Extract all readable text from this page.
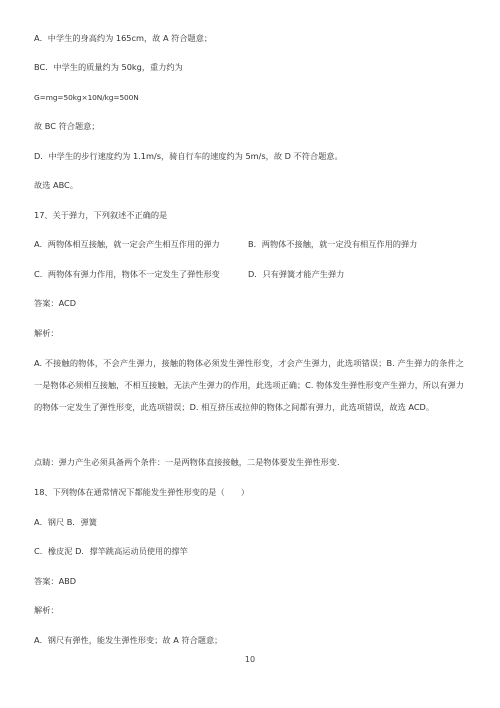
A．中学生的身高约为 165cm，故 A 符合题意；
BC．中学生的质量约为 50kg，重力约为
G=mg=50kg×10N/kg=500N
故 BC 符合题意；
D．中学生的步行速度约为 1.1m/s，骑自行车的速度约为 5m/s，故 D 不符合题意。
故选 ABC。
17、关于弹力，下列叙述不正确的是
A．两物体相互接触，就一定会产生相互作用的弹力	B．两物体不接触，就一定没有相互作用的弹力
C．两物体有弹力作用，物体不一定发生了弹性形变	D．只有弹簧才能产生弹力
答案：ACD
解析：
A. 不接触的物体，不会产生弹力，接触的物体必须发生弹性形变，才会产生弹力，此选项错误；B. 产生弹力的条件之一是物体必须相互接触，不相互接触，无法产生弹力的作用，此选项正确；C. 物体发生弹性形变产生弹力，所以有弹力的物体一定发生了弹性形变，此选项错误；D. 相互挤压或拉伸的物体之间都有弹力，此选项错误，故选 ACD。
点睛：弹力产生必须具备两个条件：一是两物体直接接触，二是物体要发生弹性形变.
18、下列物体在通常情况下都能发生弹性形变的是（　　）
A．钢尺 B．弹簧
C．橡皮泥 D．撑竿跳高运动员使用的撑竿
答案：ABD
解析：
A．钢尺有弹性，能发生弹性形变；故 A 符合题意；
10
